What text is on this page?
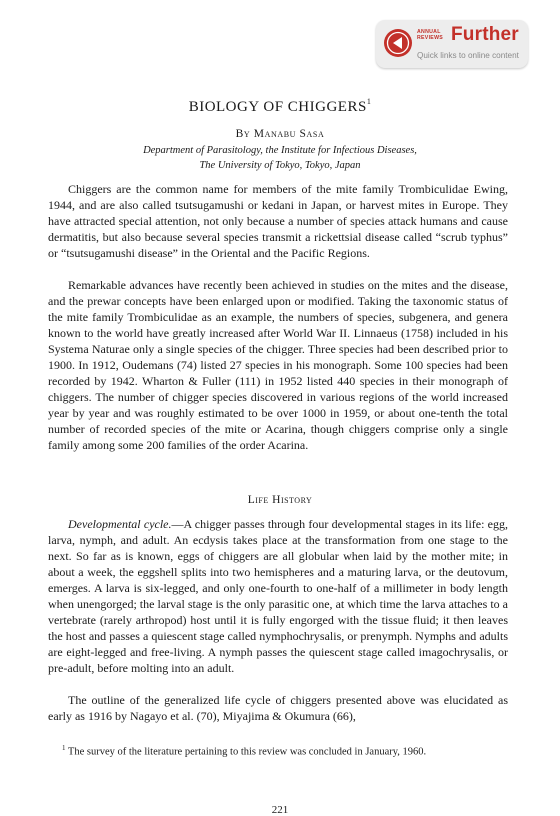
ANNUAL
REVIEWS Further
Quick links to online content
BIOLOGY OF CHIGGERS$^1$
By Manabu Sasa
Department of Parasitology, the Institute for Infectious Diseases,
The University of Tokyo, Tokyo, Japan

Chiggers are the common name for members of the mite family Trombiculidae Ewing, 1944, and are also called tsutsugamushi or kedani in Japan, or harvest mites in Europe. They have attracted special attention, not only because a number of species attack humans and cause dermatitis, but also because several species transmit a rickettsial disease called “scrub typhus” or “tsutsugamushi disease” in the Oriental and the Pacific Regions.

Remarkable advances have recently been achieved in studies on the mites and the disease, and the prewar concepts have been enlarged upon or modified. Taking the taxonomic status of the mite family Trombiculidae as an example, the numbers of species, subgenera, and genera known to the world have greatly increased after World War II. Linnaeus (1758) included in his Systema Naturae only a single species of the chigger. Three species had been described prior to 1900. In 1912, Oudemans (74) listed 27 species in his monograph. Some 100 species had been recorded by 1942. Wharton & Fuller (111) in 1952 listed 440 species in their monograph of chiggers. The number of chigger species discovered in various regions of the world increased year by year and was roughly estimated to be over 1000 in 1959, or about one-tenth the total number of recorded species of the mite or Acarina, though chiggers comprise only a single family among some 200 families of the order Acarina.

Life History

Developmental cycle.—A chigger passes through four developmental stages in its life: egg, larva, nymph, and adult. An ecdysis takes place at the transformation from one stage to the next. So far as is known, eggs of chiggers are all globular when laid by the mother mite; in about a week, the eggshell splits into two hemispheres and a maturing larva, or the deutovum, emerges. A larva is six-legged, and only one-fourth to one-half of a millimeter in body length when unengorged; the larval stage is the only parasitic one, at which time the larva attaches to a vertebrate (rarely arthropod) host until it is fully engorged with the tissue fluid; it then leaves the host and passes a quiescent stage called nymphochrysalis, or prenymph. Nymphs and adults are eight-legged and free-living. A nymph passes the quiescent stage called imagochrysalis, or pre-adult, before molting into an adult.

The outline of the generalized life cycle of chiggers presented above was elucidated as early as 1916 by Nagayo et al. (70), Miyajima & Okumura (66),

$^1$ The survey of the literature pertaining to this review was concluded in January, 1960.

221
